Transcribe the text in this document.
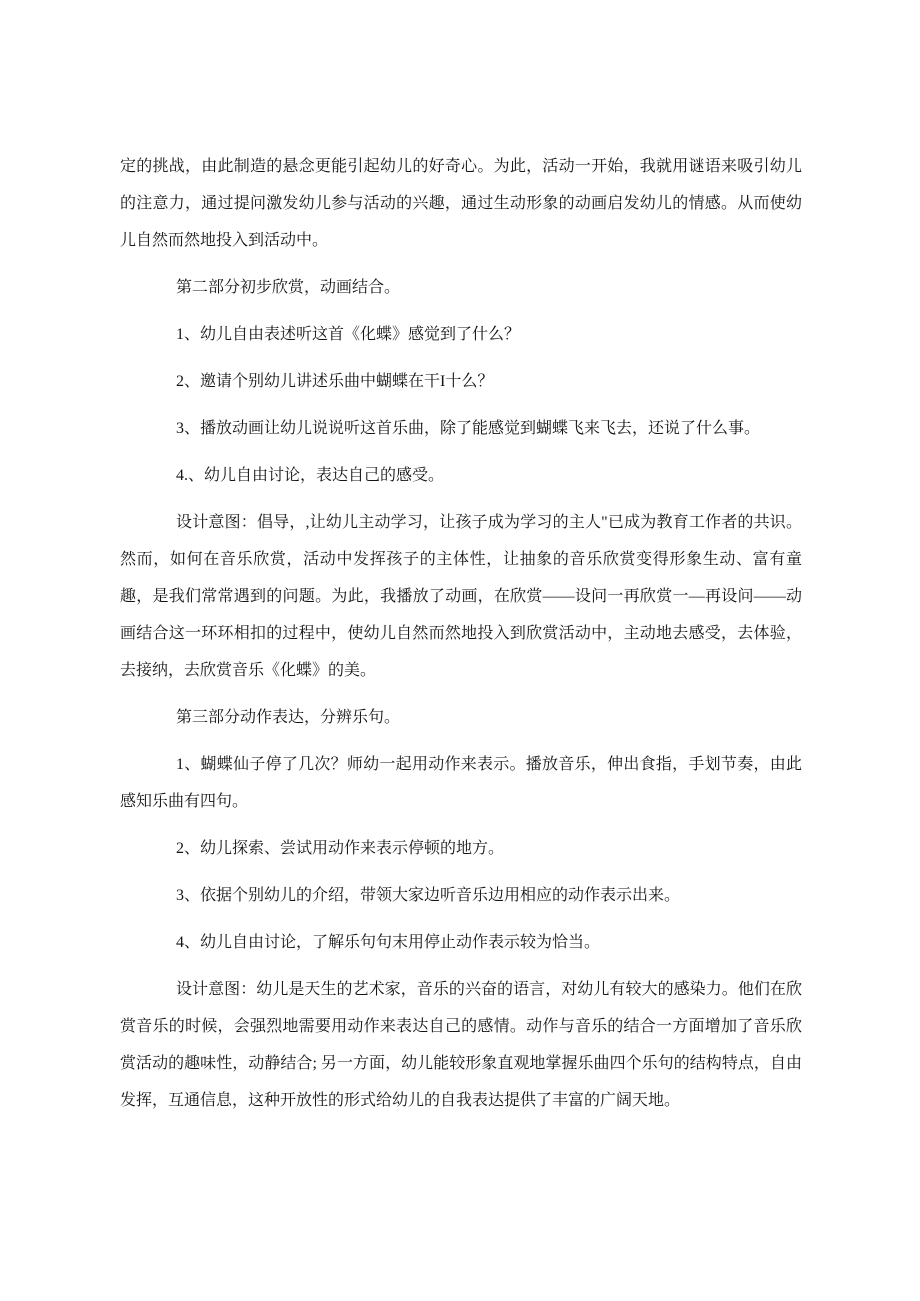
定的挑战，由此制造的悬念更能引起幼儿的好奇心。为此，活动一开始，我就用谜语来吸引幼儿的注意力，通过提问激发幼儿参与活动的兴趣，通过生动形象的动画启发幼儿的情感。从而使幼儿自然而然地投入到活动中。

第二部分初步欣赏，动画结合。

1、幼儿自由表述听这首《化蝶》感觉到了什么？

2、邀请个别幼儿讲述乐曲中蝴蝶在干I十么？

3、播放动画让幼儿说说听这首乐曲，除了能感觉到蝴蝶飞来飞去，还说了什么事。

4.、幼儿自由讨论，表达自己的感受。

设计意图：倡导，,让幼儿主动学习，让孩子成为学习的主人"已成为教育工作者的共识。然而，如何在音乐欣赏，活动中发挥孩子的主体性，让抽象的音乐欣赏变得形象生动、富有童趣，是我们常常遇到的问题。为此，我播放了动画，在欣赏——设问一再欣赏一—再设问——动画结合这一环环相扣的过程中，使幼儿自然而然地投入到欣赏活动中，主动地去感受，去体验，去接纳，去欣赏音乐《化蝶》的美。

第三部分动作表达，分辨乐句。

1、蝴蝶仙子停了几次？师幼一起用动作来表示。播放音乐，伸出食指，手划节奏，由此感知乐曲有四句。

2、幼儿探索、尝试用动作来表示停顿的地方。

3、依据个别幼儿的介绍，带领大家边听音乐边用相应的动作表示出来。

4、幼儿自由讨论，了解乐句句末用停止动作表示较为恰当。

设计意图：幼儿是天生的艺术家，音乐的兴奋的语言，对幼儿有较大的感染力。他们在欣赏音乐的时候，会强烈地需要用动作来表达自己的感情。动作与音乐的结合一方面增加了音乐欣赏活动的趣味性，动静结合; 另一方面，幼儿能较形象直观地掌握乐曲四个乐句的结构特点，自由发挥，互通信息，这种开放性的形式给幼儿的自我表达提供了丰富的广阔天地。
